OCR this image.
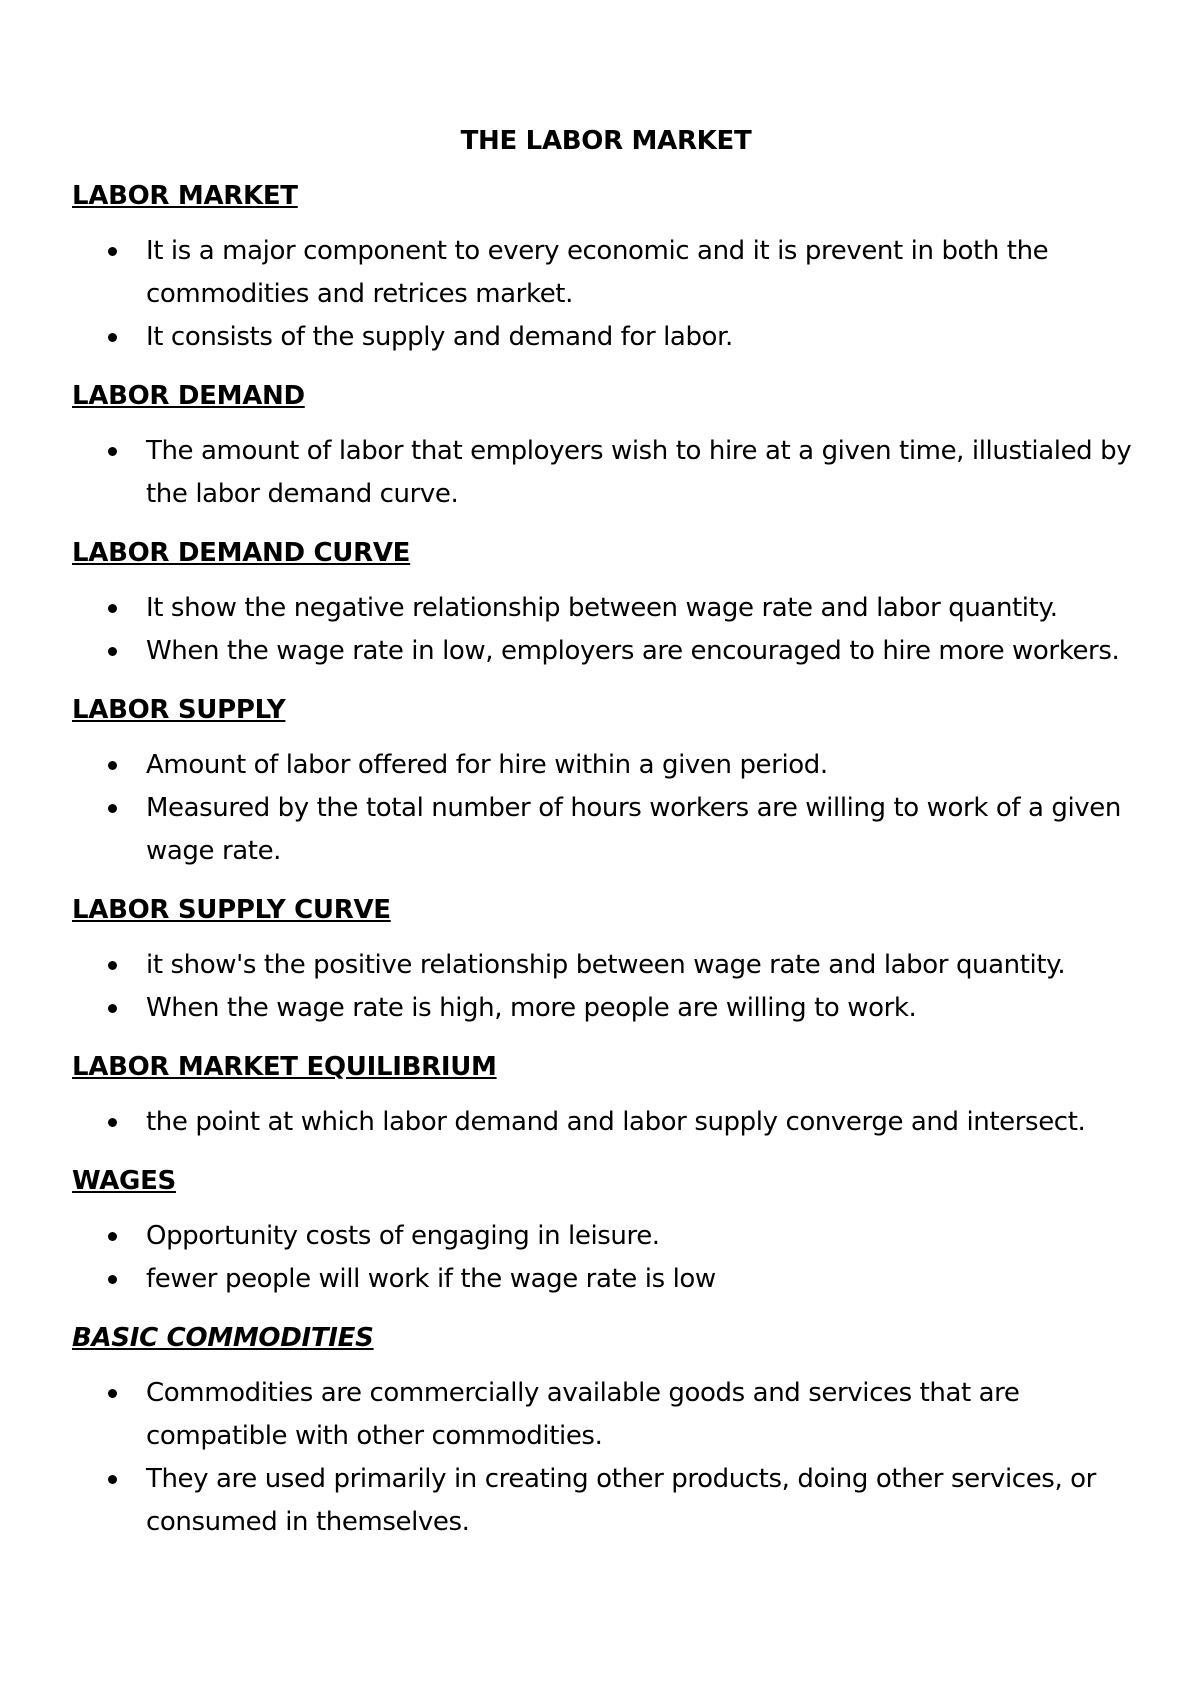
THE LABOR MARKET
LABOR MARKET
It is a major component to every economic and it is prevent in both the commodities and retrices market.
It consists of the supply and demand for labor.
LABOR DEMAND
The amount of labor that employers wish to hire at a given time, illustialed by the labor demand curve.
LABOR DEMAND CURVE
It show the negative relationship between wage rate and labor quantity.
When the wage rate in low, employers are encouraged to hire more workers.
LABOR SUPPLY
Amount of labor offered for hire within a given period.
Measured by the total number of hours workers are willing to work of a given wage rate.
LABOR SUPPLY CURVE
it show's the positive relationship between wage rate and labor quantity.
When the wage rate is high, more people are willing to work.
LABOR MARKET EQUILIBRIUM
the point at which labor demand and labor supply converge and intersect.
WAGES
Opportunity costs of engaging in leisure.
fewer people will work if the wage rate is low
BASIC COMMODITIES
Commodities are commercially available goods and services that are compatible with other commodities.
They are used primarily in creating other products, doing other services, or consumed in themselves.
